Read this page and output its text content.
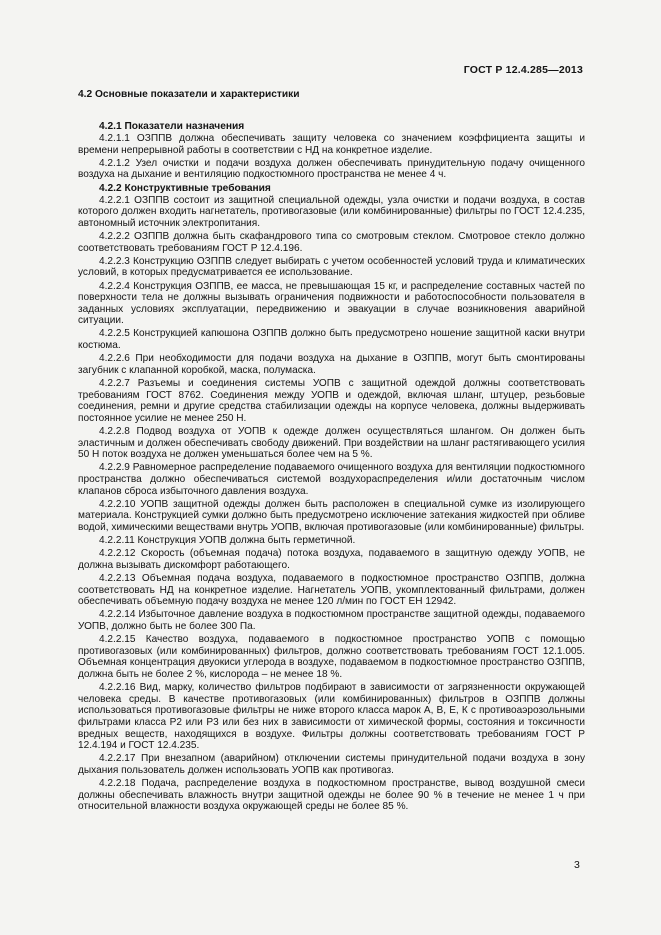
ГОСТ Р 12.4.285—2013
4.2 Основные показатели и характеристики
4.2.1 Показатели назначения
4.2.1.1 ОЗППВ должна обеспечивать защиту человека со значением коэффициента защиты и времени непрерывной работы в соответствии с НД на конкретное изделие.
4.2.1.2 Узел очистки и подачи воздуха должен обеспечивать принудительную подачу очищенного воздуха на дыхание и вентиляцию подкостюмного пространства не менее 4 ч.
4.2.2 Конструктивные требования
4.2.2.1 ОЗППВ состоит из защитной специальной одежды, узла очистки и подачи воздуха, в состав которого должен входить нагнетатель, противогазовые (или комбинированные) фильтры по ГОСТ 12.4.235, автономный источник электропитания.
4.2.2.2 ОЗППВ должна быть скафандрового типа со смотровым стеклом. Смотровое стекло должно соответствовать требованиям ГОСТ Р 12.4.196.
4.2.2.3 Конструкцию ОЗППВ следует выбирать с учетом особенностей условий труда и климатических условий, в которых предусматривается ее использование.
4.2.2.4 Конструкция ОЗППВ, ее масса, не превышающая 15 кг, и распределение составных частей по поверхности тела не должны вызывать ограничения подвижности и работоспособности пользователя в заданных условиях эксплуатации, передвижению и эвакуации в случае возникновения аварийной ситуации.
4.2.2.5 Конструкцией капюшона ОЗППВ должно быть предусмотрено ношение защитной каски внутри костюма.
4.2.2.6 При необходимости для подачи воздуха на дыхание в ОЗППВ, могут быть смонтированы загубник с клапанной коробкой, маска, полумаска.
4.2.2.7 Разъемы и соединения системы УОПВ с защитной одеждой должны соответствовать требованиям ГОСТ 8762. Соединения между УОПВ и одеждой, включая шланг, штуцер, резьбовые соединения, ремни и другие средства стабилизации одежды на корпусе человека, должны выдерживать постоянное усилие не менее 250 Н.
4.2.2.8 Подвод воздуха от УОПВ к одежде должен осуществляться шлангом. Он должен быть эластичным и должен обеспечивать свободу движений. При воздействии на шланг растягивающего усилия 50 Н поток воздуха не должен уменьшаться более чем на 5 %.
4.2.2.9 Равномерное распределение подаваемого очищенного воздуха для вентиляции подкостюмного пространства должно обеспечиваться системой воздухораспределения и/или достаточным числом клапанов сброса избыточного давления воздуха.
4.2.2.10 УОПВ защитной одежды должен быть расположен в специальной сумке из изолирующего материала. Конструкцией сумки должно быть предусмотрено исключение затекания жидкостей при обливе водой, химическими веществами внутрь УОПВ, включая противогазовые (или комбинированные) фильтры.
4.2.2.11 Конструкция УОПВ должна быть герметичной.
4.2.2.12 Скорость (объемная подача) потока воздуха, подаваемого в защитную одежду УОПВ, не должна вызывать дискомфорт работающего.
4.2.2.13 Объемная подача воздуха, подаваемого в подкостюмное пространство ОЗППВ, должна соответствовать НД на конкретное изделие. Нагнетатель УОПВ, укомплектованный фильтрами, должен обеспечивать объемную подачу воздуха не менее 120 л/мин по ГОСТ ЕН 12942.
4.2.2.14 Избыточное давление воздуха в подкостюмном пространстве защитной одежды, подаваемого УОПВ, должно быть не более 300 Па.
4.2.2.15 Качество воздуха, подаваемого в подкостюмное пространство УОПВ с помощью противогазовых (или комбинированных) фильтров, должно соответствовать требованиям ГОСТ 12.1.005. Объемная концентрация двуокиси углерода в воздухе, подаваемом в подкостюмное пространство ОЗППВ, должна быть не более 2 %, кислорода – не менее 18 %.
4.2.2.16 Вид, марку, количество фильтров подбирают в зависимости от загрязненности окружающей человека среды. В качестве противогазовых (или комбинированных) фильтров в ОЗППВ должны использоваться противогазовые фильтры не ниже второго класса марок А, В, Е, К с противоаэрозольными фильтрами класса Р2 или Р3 или без них в зависимости от химической формы, состояния и токсичности вредных веществ, находящихся в воздухе. Фильтры должны соответствовать требованиям ГОСТ Р 12.4.194 и ГОСТ 12.4.235.
4.2.2.17 При внезапном (аварийном) отключении системы принудительной подачи воздуха в зону дыхания пользователь должен использовать УОПВ как противогаз.
4.2.2.18 Подача, распределение воздуха в подкостюмном пространстве, вывод воздушной смеси должны обеспечивать влажность внутри защитной одежды не более 90 % в течение не менее 1 ч при относительной влажности воздуха окружающей среды не более 85 %.
3
